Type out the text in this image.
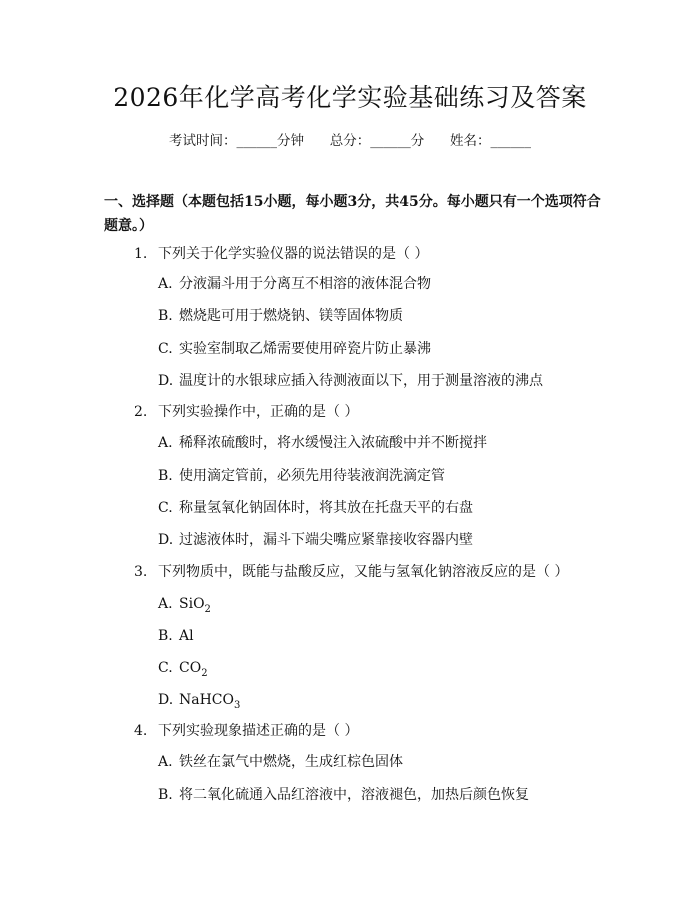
2026年化学高考化学实验基础练习及答案
考试时间：______分钟 总分：______分 姓名：______
一、选择题（本题包括15小题，每小题3分，共45分。每小题只有一个选项符合题意。）
1. 下列关于化学实验仪器的说法错误的是（ ）
A. 分液漏斗用于分离互不相溶的液体混合物
B. 燃烧匙可用于燃烧钠、镁等固体物质
C. 实验室制取乙烯需要使用碎瓷片防止暴沸
D. 温度计的水银球应插入待测液面以下，用于测量溶液的沸点
2. 下列实验操作中，正确的是（ ）
A. 稀释浓硫酸时，将水缓慢注入浓硫酸中并不断搅拌
B. 使用滴定管前，必须先用待装液润洗滴定管
C. 称量氢氧化钠固体时，将其放在托盘天平的右盘
D. 过滤液体时，漏斗下端尖嘴应紧靠接收容器内壁
3. 下列物质中，既能与盐酸反应，又能与氢氧化钠溶液反应的是（ ）
A. SiO$_2$
B. Al
C. $CO_2$
D. NaHCO$_3$
4. 下列实验现象描述正确的是（ ）
A. 铁丝在氯气中燃烧，生成红棕色固体
B. 将二氧化硫通入品红溶液中，溶液褪色，加热后颜色恢复
